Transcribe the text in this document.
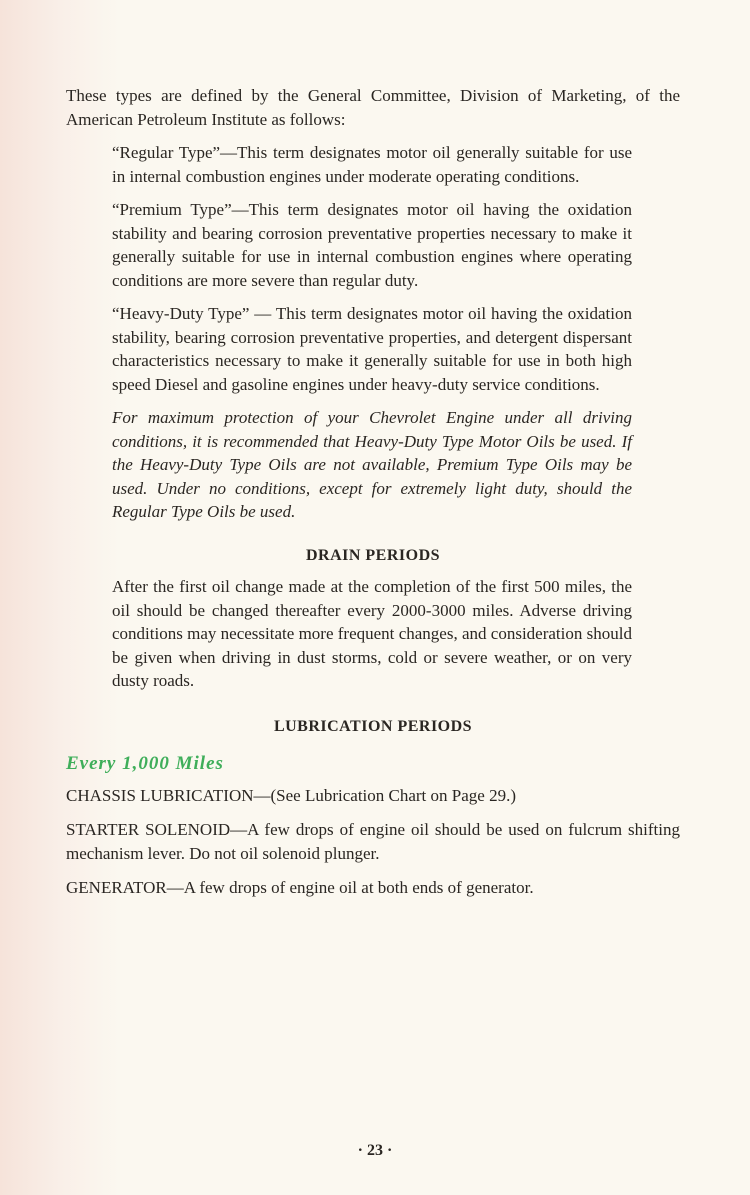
These types are defined by the General Committee, Division of Marketing, of the American Petroleum Institute as follows:

“Regular Type”—This term designates motor oil generally suitable for use in internal combustion engines under moderate operating conditions.

“Premium Type”—This term designates motor oil having the oxidation stability and bearing corrosion preventative properties necessary to make it generally suitable for use in internal combustion engines where operating conditions are more severe than regular duty.

“Heavy-Duty Type” — This term designates motor oil having the oxidation stability, bearing corrosion preventative properties, and detergent dispersant characteristics necessary to make it generally suitable for use in both high speed Diesel and gasoline engines under heavy-duty service conditions.

For maximum protection of your Chevrolet Engine under all driving conditions, it is recommended that Heavy-Duty Type Motor Oils be used. If the Heavy-Duty Type Oils are not available, Premium Type Oils may be used. Under no conditions, except for extremely light duty, should the Regular Type Oils be used.

DRAIN PERIODS

After the first oil change made at the completion of the first 500 miles, the oil should be changed thereafter every 2000-3000 miles. Adverse driving conditions may necessitate more frequent changes, and consideration should be given when driving in dust storms, cold or severe weather, or on very dusty roads.

LUBRICATION PERIODS
Every 1,000 Miles

CHASSIS LUBRICATION—(See Lubrication Chart on Page 29.)

STARTER SOLENOID—A few drops of engine oil should be used on fulcrum shifting mechanism lever. Do not oil solenoid plunger.

GENERATOR—A few drops of engine oil at both ends of generator.

· 23 ·
